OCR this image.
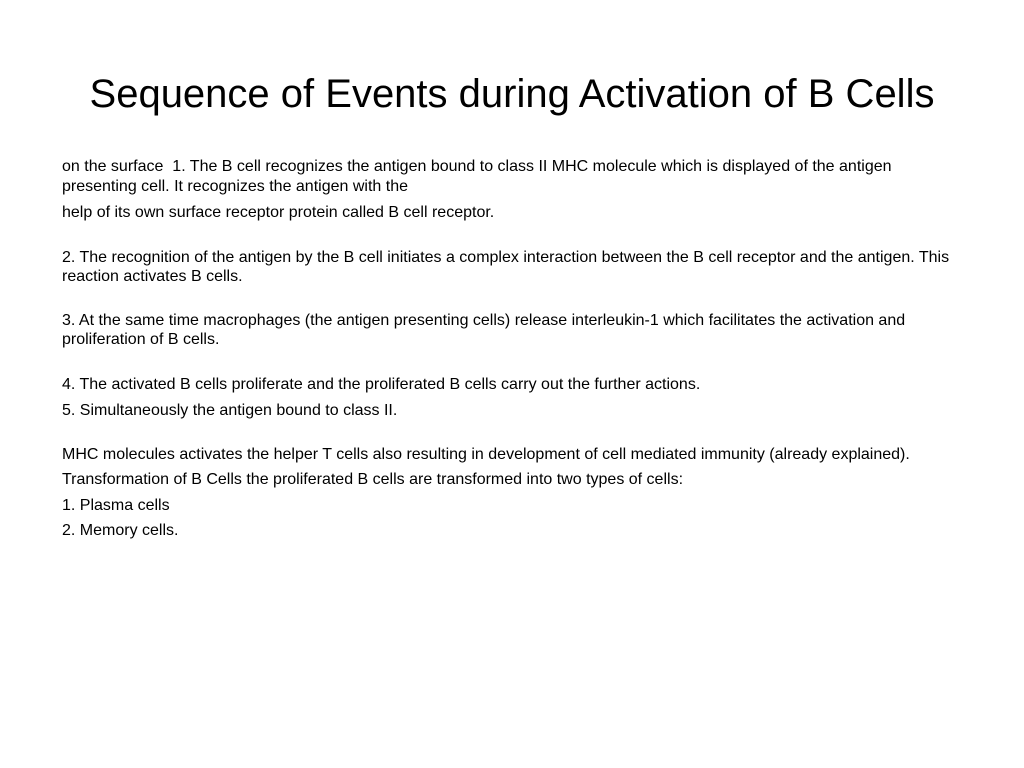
Sequence of Events during Activation of B Cells

on the surface  1. The B cell recognizes the antigen bound to class II MHC molecule which is displayed of the antigen presenting cell. It recognizes the antigen with the

help of its own surface receptor protein called B cell receptor.

2. The recognition of the antigen by the B cell initiates a complex interaction between the B cell receptor and the antigen. This reaction activates B cells.

3. At the same time macrophages (the antigen presenting cells) release interleukin-1 which facilitates the activation and proliferation of B cells.

4. The activated B cells proliferate and the proliferated B cells carry out the further actions.

5. Simultaneously the antigen bound to class II.

MHC molecules activates the helper T cells also resulting in development of cell mediated immunity (already explained).

Transformation of B Cells the proliferated B cells are transformed into two types of cells:

1. Plasma cells

2. Memory cells.
